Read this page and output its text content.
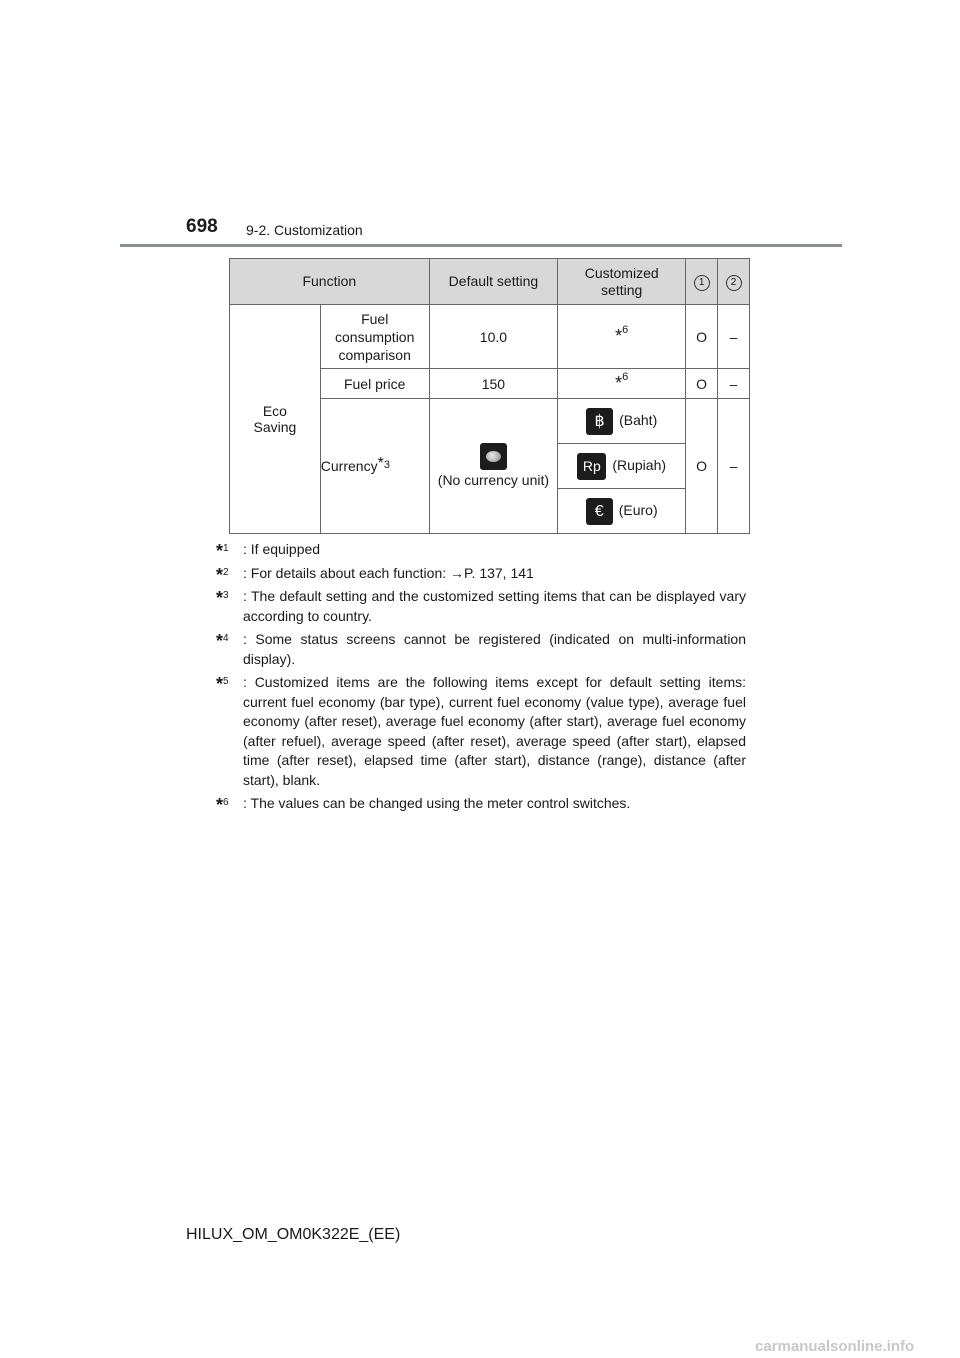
698 9-2. Customization
Function		Default setting	Customized setting	1	2
Eco Saving	Fuel consumption comparison	10.0	*$^6$	O	–
	Fuel price	150	*$^6$	O	–
	Currency$^{*3}$	(No currency unit)	฿ (Baht)	O	–
			Rp (Rupiah)		
			€ (Euro)		
*$^1$ : If equipped
*$^2$ : For details about each function: →P. 137, 141
*$^3$ : The default setting and the customized setting items that can be displayed vary according to country.
*$^4$ : Some status screens cannot be registered (indicated on multi-information display).
*$^5$ : Customized items are the following items except for default setting items: current fuel economy (bar type), current fuel economy (value type), average fuel economy (after reset), average fuel economy (after start), average fuel economy (after refuel), average speed (after reset), average speed (after start), elapsed time (after reset), elapsed time (after start), distance (range), distance (after start), blank.
*$^6$ : The values can be changed using the meter control switches.
HILUX_OM_OM0K322E_(EE)
carmanualsonline.info
